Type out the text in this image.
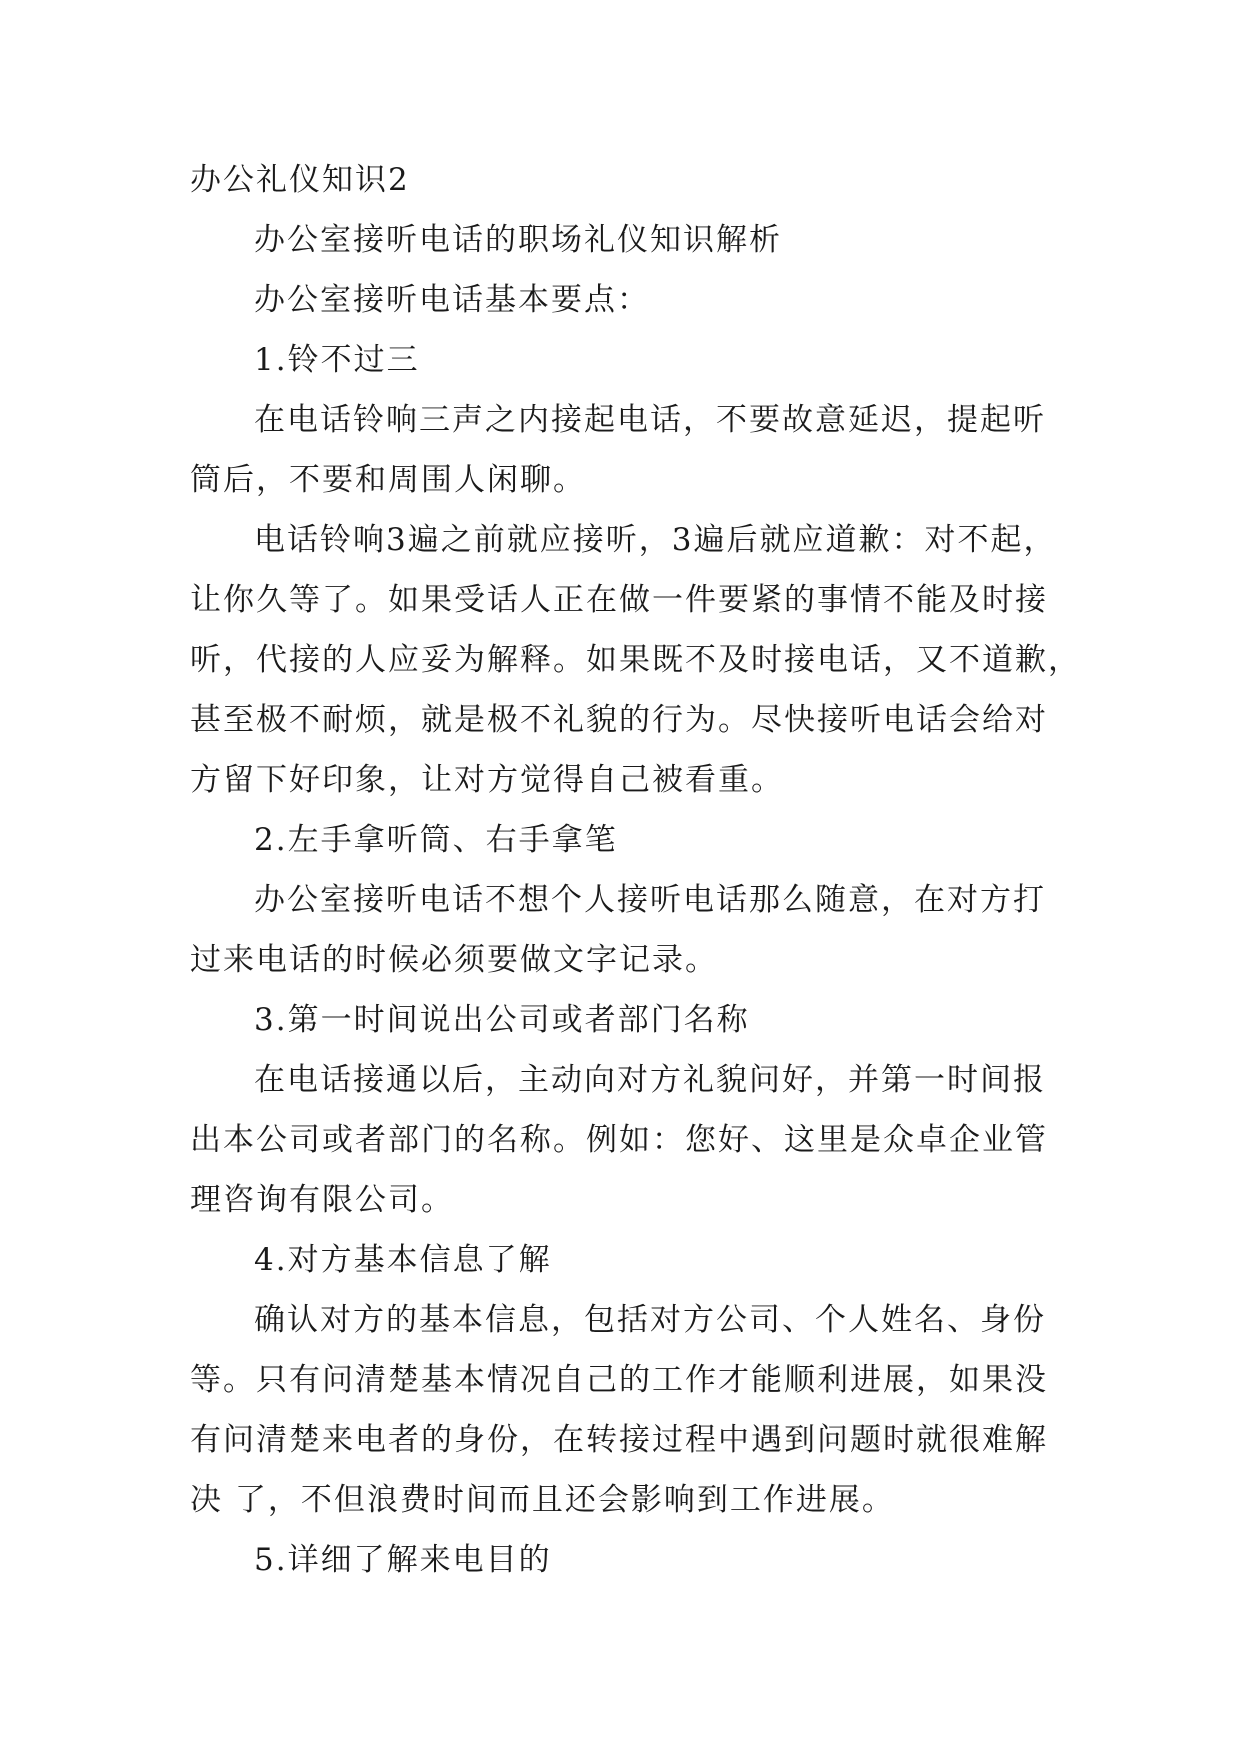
办公礼仪知识2

办公室接听电话的职场礼仪知识解析

办公室接听电话基本要点：

1.铃不过三

在电话铃响三声之内接起电话，不要故意延迟，提起听

筒后，不要和周围人闲聊。

电话铃响3遍之前就应接听，3遍后就应道歉：对不起，

让你久等了。如果受话人正在做一件要紧的事情不能及时接

听，代接的人应妥为解释。如果既不及时接电话，又不道歉，

甚至极不耐烦，就是极不礼貌的行为。尽快接听电话会给对

方留下好印象，让对方觉得自己被看重。

2.左手拿听筒、右手拿笔

办公室接听电话不想个人接听电话那么随意，在对方打

过来电话的时候必须要做文字记录。

3.第一时间说出公司或者部门名称

在电话接通以后，主动向对方礼貌问好，并第一时间报

出本公司或者部门的名称。例如：您好、这里是众卓企业管

理咨询有限公司。

4.对方基本信息了解

确认对方的基本信息，包括对方公司、个人姓名、身份

等。只有问清楚基本情况自己的工作才能顺利进展，如果没

有问清楚来电者的身份，在转接过程中遇到问题时就很难解

决 了，不但浪费时间而且还会影响到工作进展。

5.详细了解来电目的
